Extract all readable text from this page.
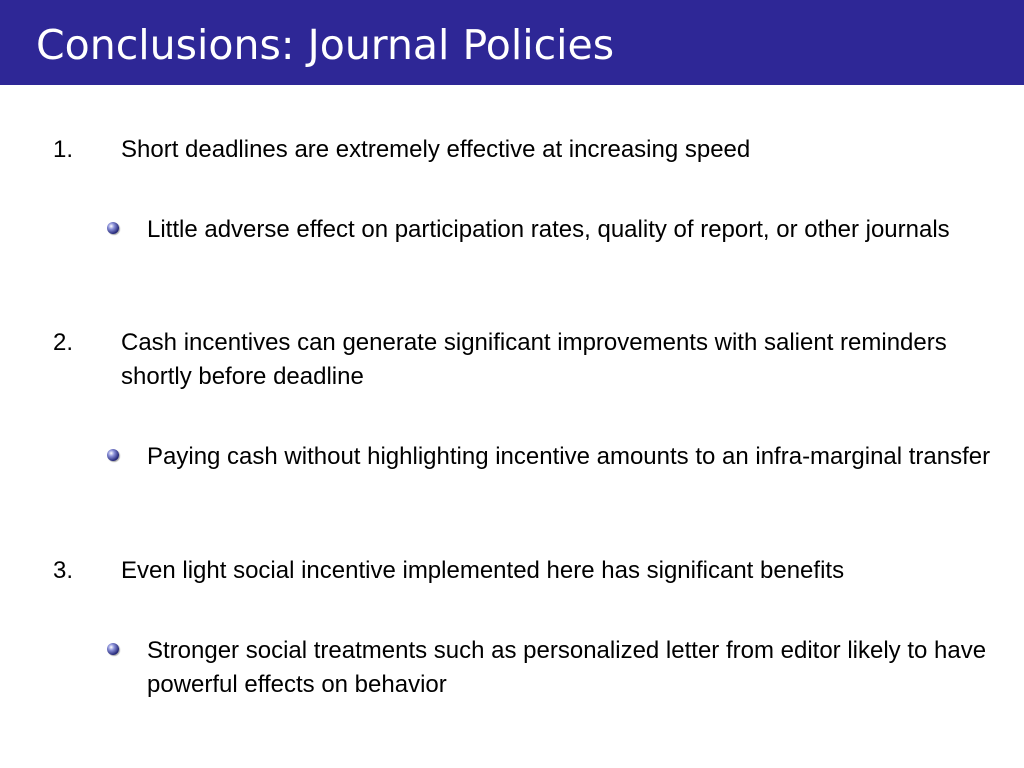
Conclusions: Journal Policies
1. Short deadlines are extremely effective at increasing speed
Little adverse effect on participation rates, quality of report, or other journals
2. Cash incentives can generate significant improvements with salient reminders shortly before deadline
Paying cash without highlighting incentive amounts to an infra-marginal transfer
3. Even light social incentive implemented here has significant benefits
Stronger social treatments such as personalized letter from editor likely to have powerful effects on behavior
